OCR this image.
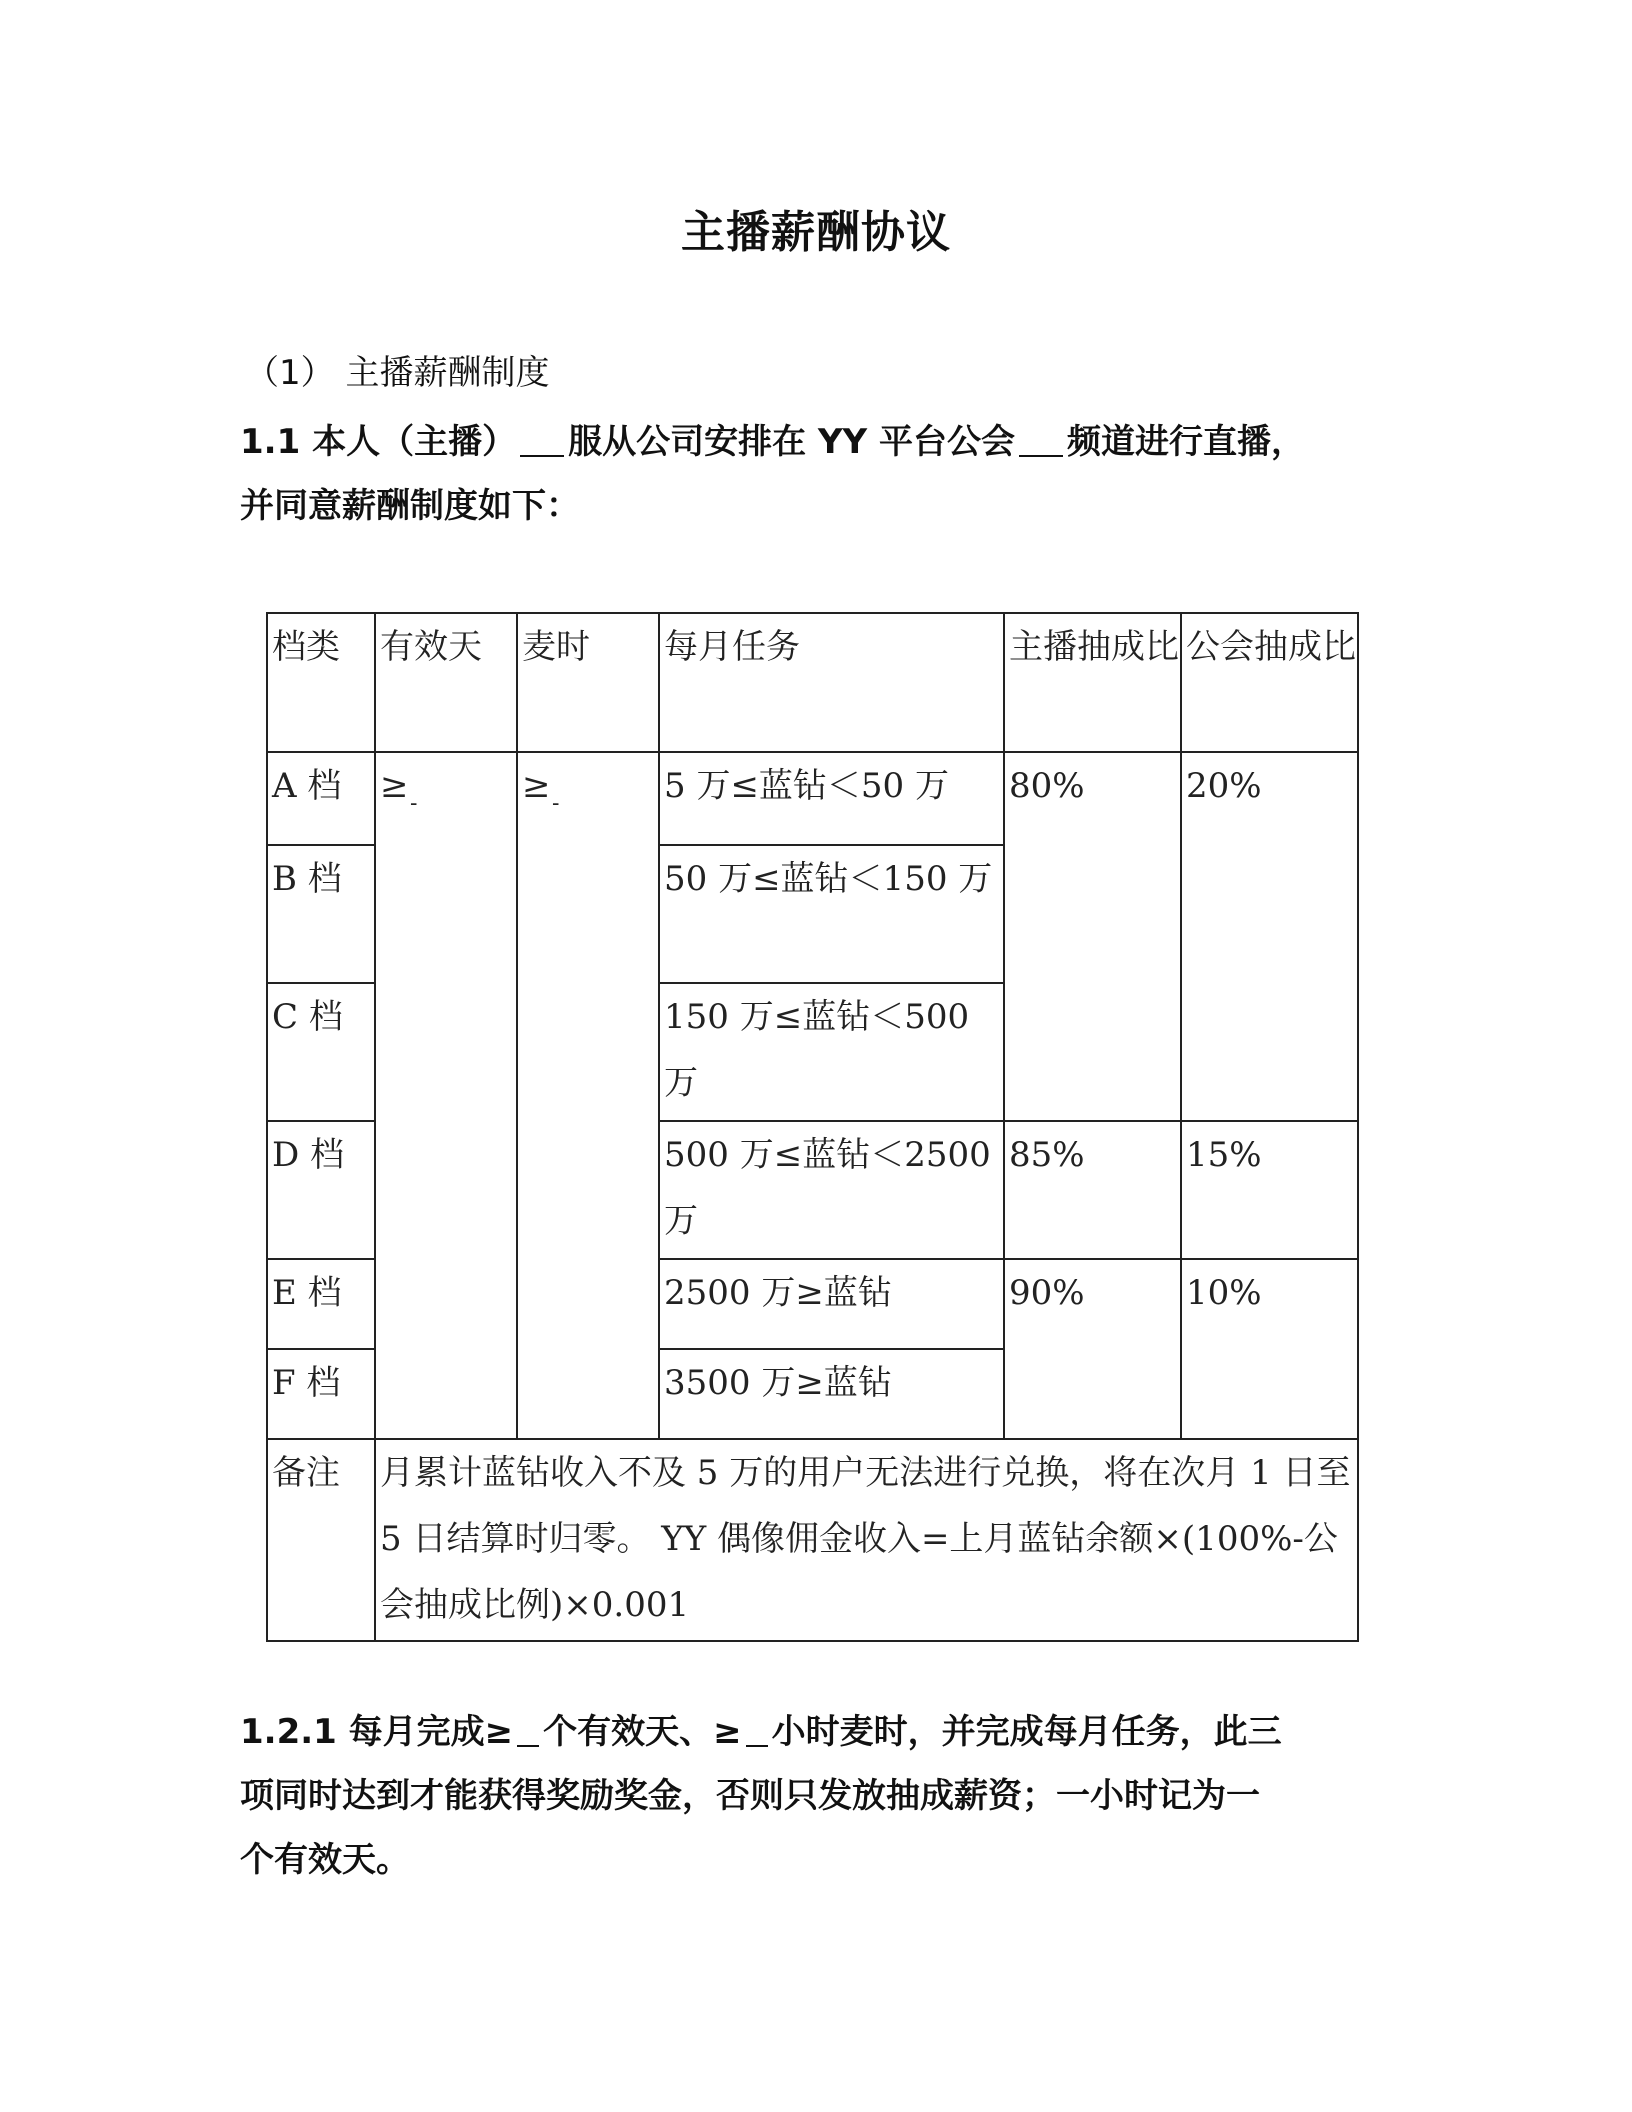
主播薪酬协议
（1） 主播薪酬制度
1.1 本人（主播） 服从公司安排在 YY 平台公会 频道进行直播，
并同意薪酬制度如下：
档类	有效天	麦时	每月任务	主播抽成比	公会抽成比
A 档	≥ -	≥ -	5 万≤蓝钻＜50 万	80%	20%
B 档			50 万≤蓝钻＜150 万		
C 档			150 万≤蓝钻＜500 万		
D 档			500 万≤蓝钻＜2500 万	85%	15%
E 档			2500 万≥蓝钻	90%	10%
F 档			3500 万≥蓝钻		
备注	月累计蓝钻收入不及 5 万的用户无法进行兑换，将在次月 1 日至 5 日结算时归零。 YY 偶像佣金收入=上月蓝钻余额×(100%-公会抽成比例)×0.001				
1.2.1 每月完成≥ 个有效天、≥ 小时麦时，并完成每月任务，此三
项同时达到才能获得奖励奖金，否则只发放抽成薪资；一小时记为一
个有效天。
